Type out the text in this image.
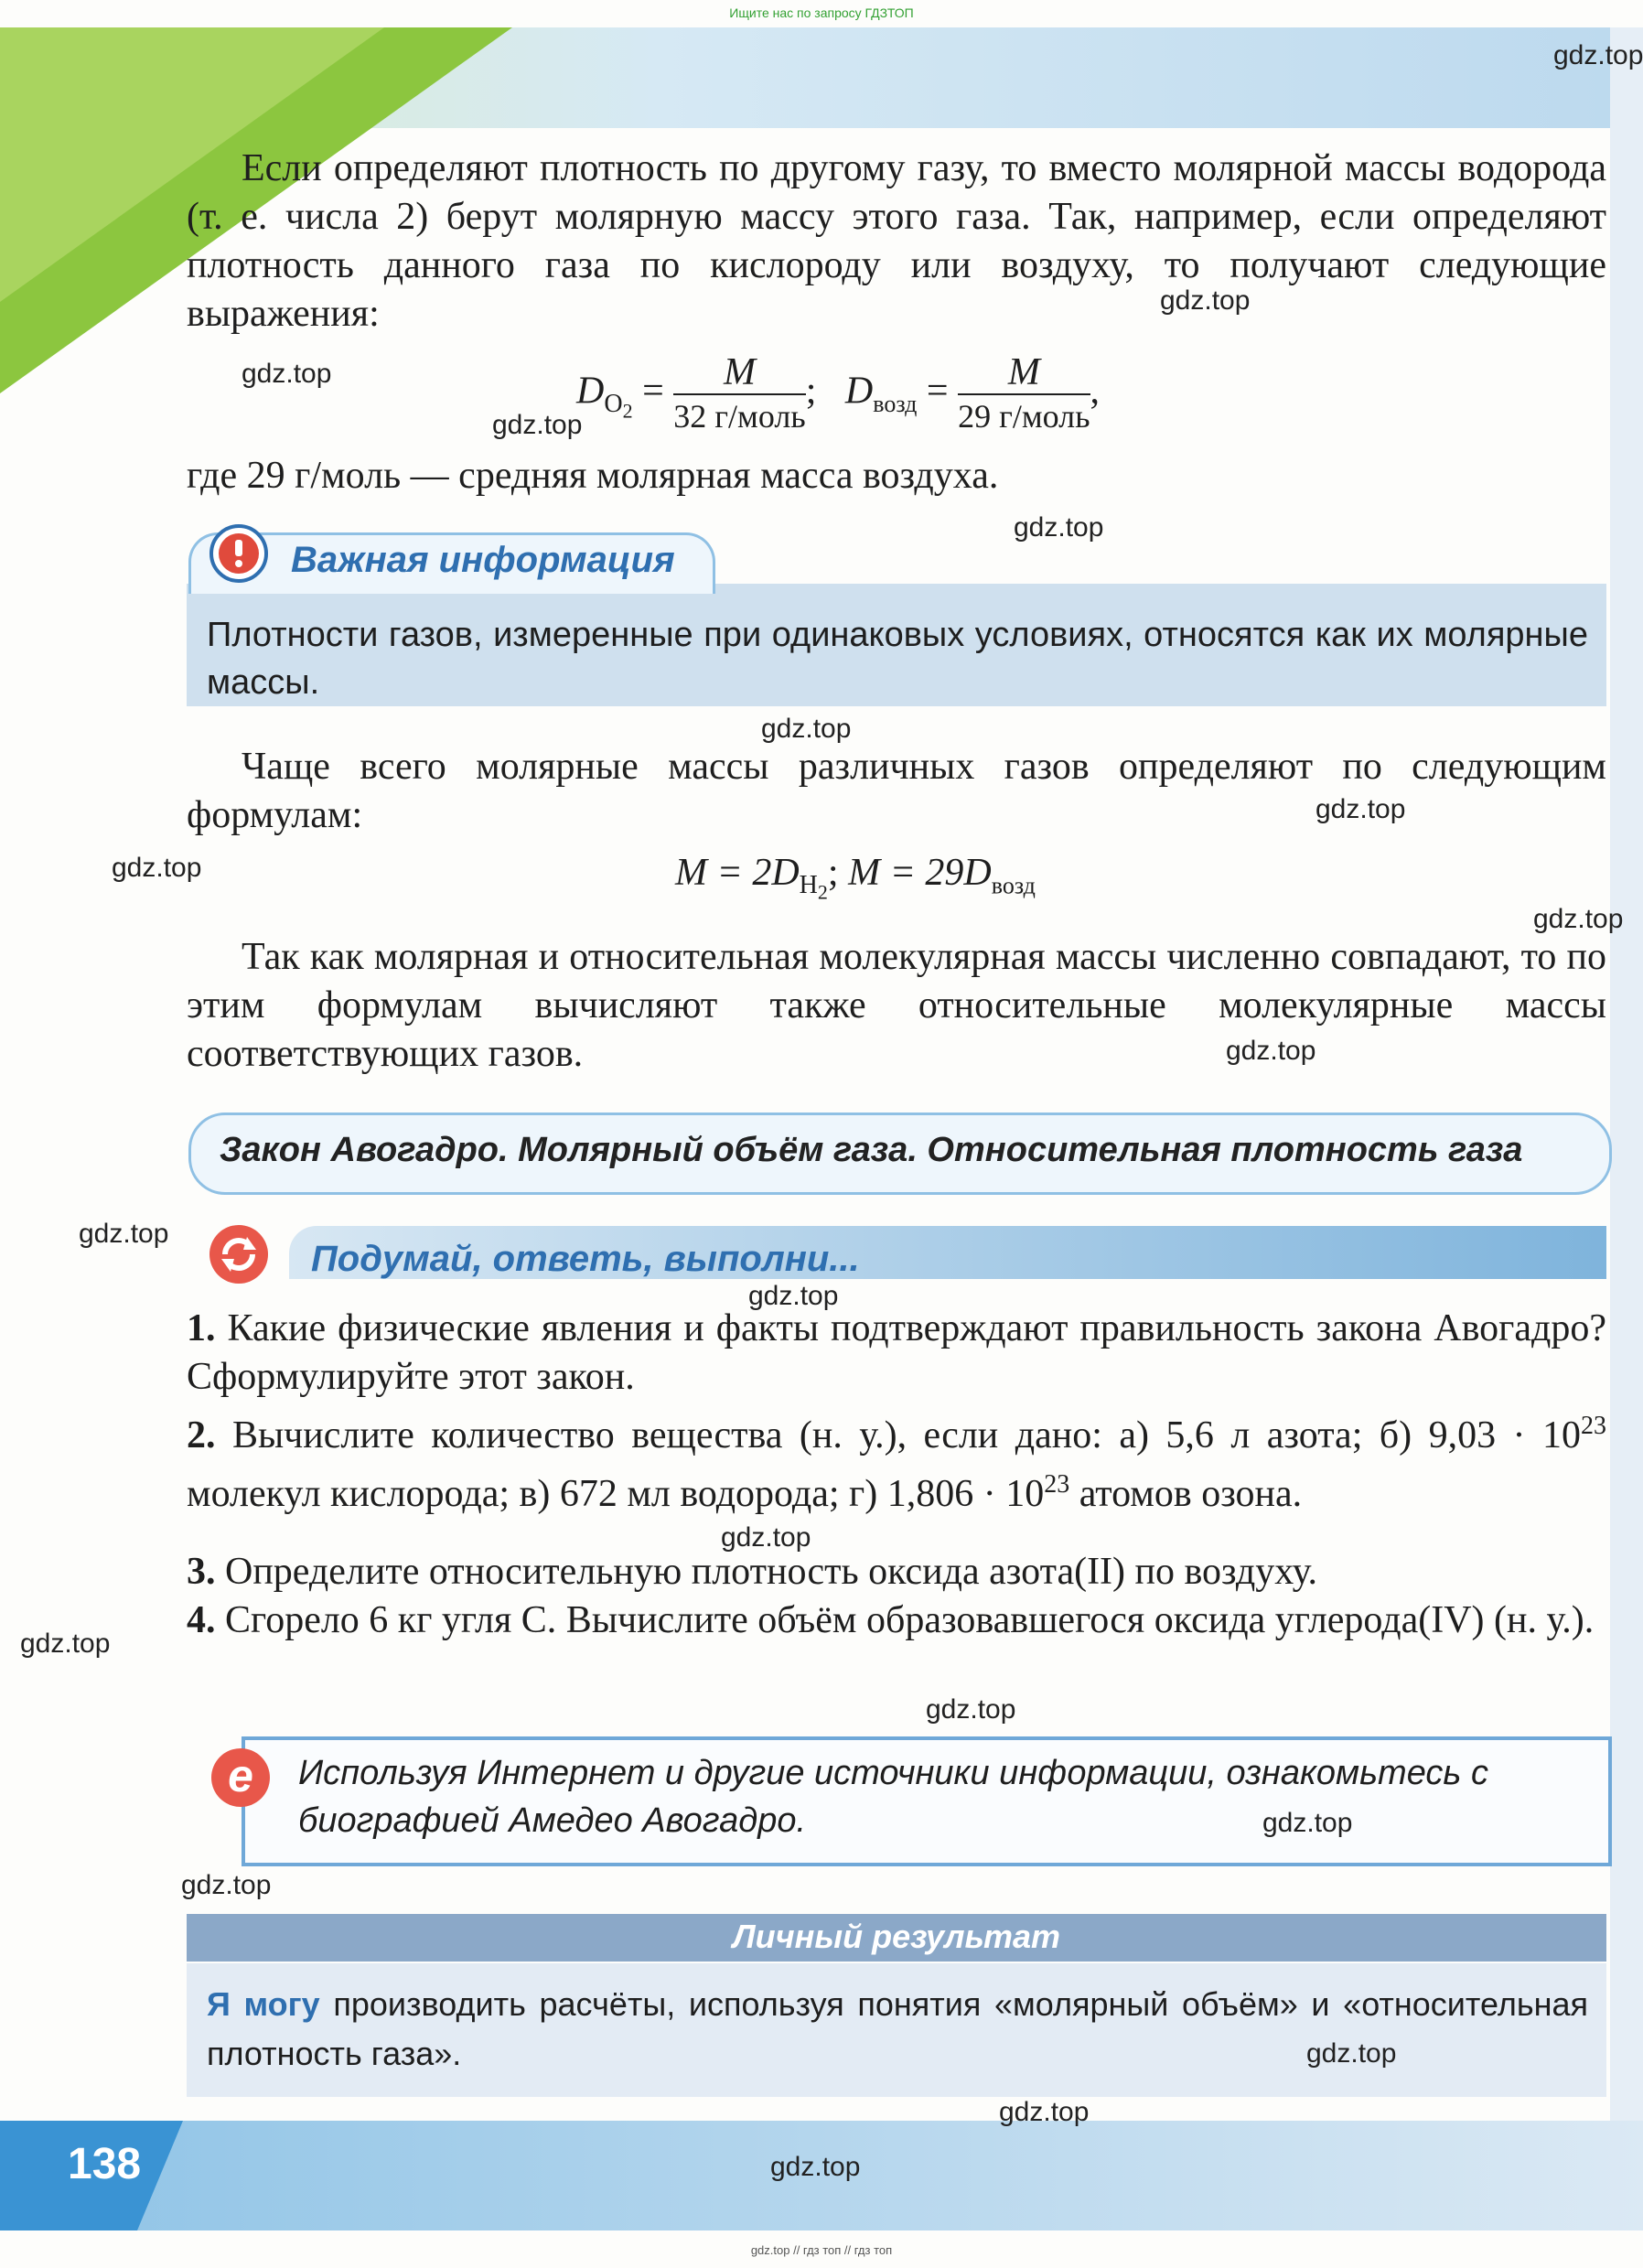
Ищите нас по запросу ГДЗТОП
Если определяют плотность по другому газу, то вместо молярной массы водорода (т. е. числа 2) берут молярную массу этого газа. Так, например, если определяют плотность данного газа по кислороду или воздуху, то получают следующие выражения:
$D_{O_2} = \frac{M}{\text{32 г/моль}}$ ; $D_{возд} = \frac{M}{\text{29 г/моль}}$ ,
где 29 г/моль — средняя молярная масса воздуха.
Важная информация
Плотности газов, измеренные при одинаковых условиях, относятся как их молярные массы.
Чаще всего молярные массы различных газов определяют по следующим формулам:
$M = 2D_{H_2}$; $M = 29D_{возд}$
Так как молярная и относительная молекулярная массы численно совпадают, то по этим формулам вычисляют также относительные молекулярные массы соответствующих газов.
Закон Авогадро. Молярный объём газа. Относительная плотность газа
Подумай, ответь, выполни...
1. Какие физические явления и факты подтверждают правильность закона Авогадро? Сформулируйте этот закон.
2. Вычислите количество вещества (н. у.), если дано: а) 5,6 л азота; б) $9,03 \cdot 10^{23}$ молекул кислорода; в) 672 мл водорода; г) $1,806 \cdot 10^{23}$ атомов озона.
3. Определите относительную плотность оксида азота(II) по воздуху.
4. Сгорело 6 кг угля С. Вычислите объём образовавшегося оксида углерода(IV) (н. у.).
е Используя Интернет и другие источники информации, ознакомьтесь с биографией Амедео Авогадро.
Личный результат
Я могу производить расчёты, используя понятия «молярный объём» и «относительная плотность газа».
138
gdz.top
gdz.top
gdz.top
gdz.top
gdz.top
gdz.top
gdz.top
gdz.top
gdz.top
gdz.top
gdz.top
gdz.top
gdz.top
gdz.top
gdz.top
gdz.top
gdz.top
gdz.top
gdz.top
gdz.top
gdz.top // гдз топ // гдз топ
